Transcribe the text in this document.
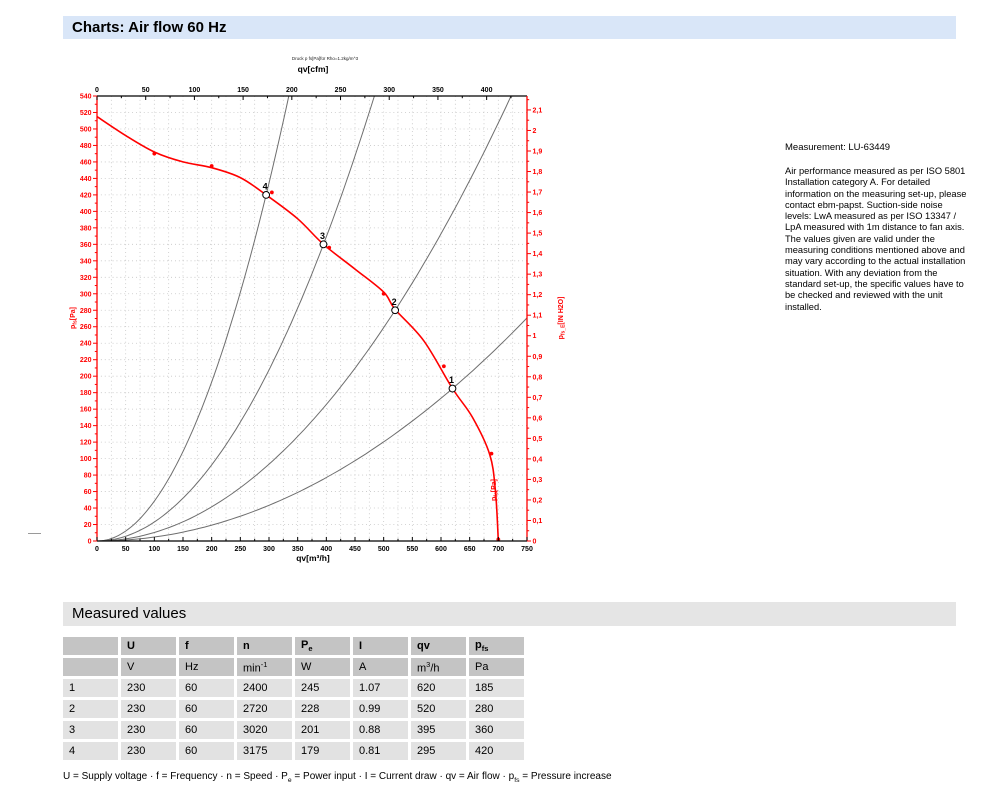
Charts: Air flow 60 Hz
1
2
3
4
0	50	100 150 200 250 300 350 400 450 500 550 600 650 700 750
0	50	100	150	200	250	300	350	400
0
20
40
60
80
100
120
140
160
180
200
220
240
260
280
300
320
340
360
380
400
420
440
460
480
500
520
540
0
0,1
0,2
0,3
0,4
0,5
0,6
0,7
0,8
0,9
1
1,1
1,2
1,3
1,4
1,5
1,6
1,7
1,8
1,9
2
2,1
Druck p fs[Pa]für Rho=1.2kg/m^3
qv[cfm]
qv[m³/h]
$p_{fs}[Pa]$
$p_{fs\_E}[IN$ H2O]
$p_{fs}[Pa]$
Measurement: LU-63449
Air performance measured as per ISO 5801 Installation category A. For detailed information on the measuring set-up, please contact ebm-papst. Suction-side noise levels: LwA measured as per ISO 13347 / LpA measured with 1m distance to fan axis. The values given are valid under the measuring conditions mentioned above and may vary according to the actual installation situation. With any deviation from the standard set-up, the specific values have to be checked and reviewed with the unit installed.
Measured values
	U	f	n	$P_e$	I	qv	$p_{fs}$
	V	Hz	$\min^{-1}$	W	A	$m^3/h$	Pa
1	230	60	2400	245	1.07	620	185
2	230	60	2720	228	0.99	520	280
3	230	60	3020	201	0.88	395	360
4	230	60	3175	179	0.81	295	420
U = Supply voltage · f = Frequency · n = Speed · $P_e$ = Power input · I = Current draw · qv = Air flow · $p_{fs}$ = Pressure increase
